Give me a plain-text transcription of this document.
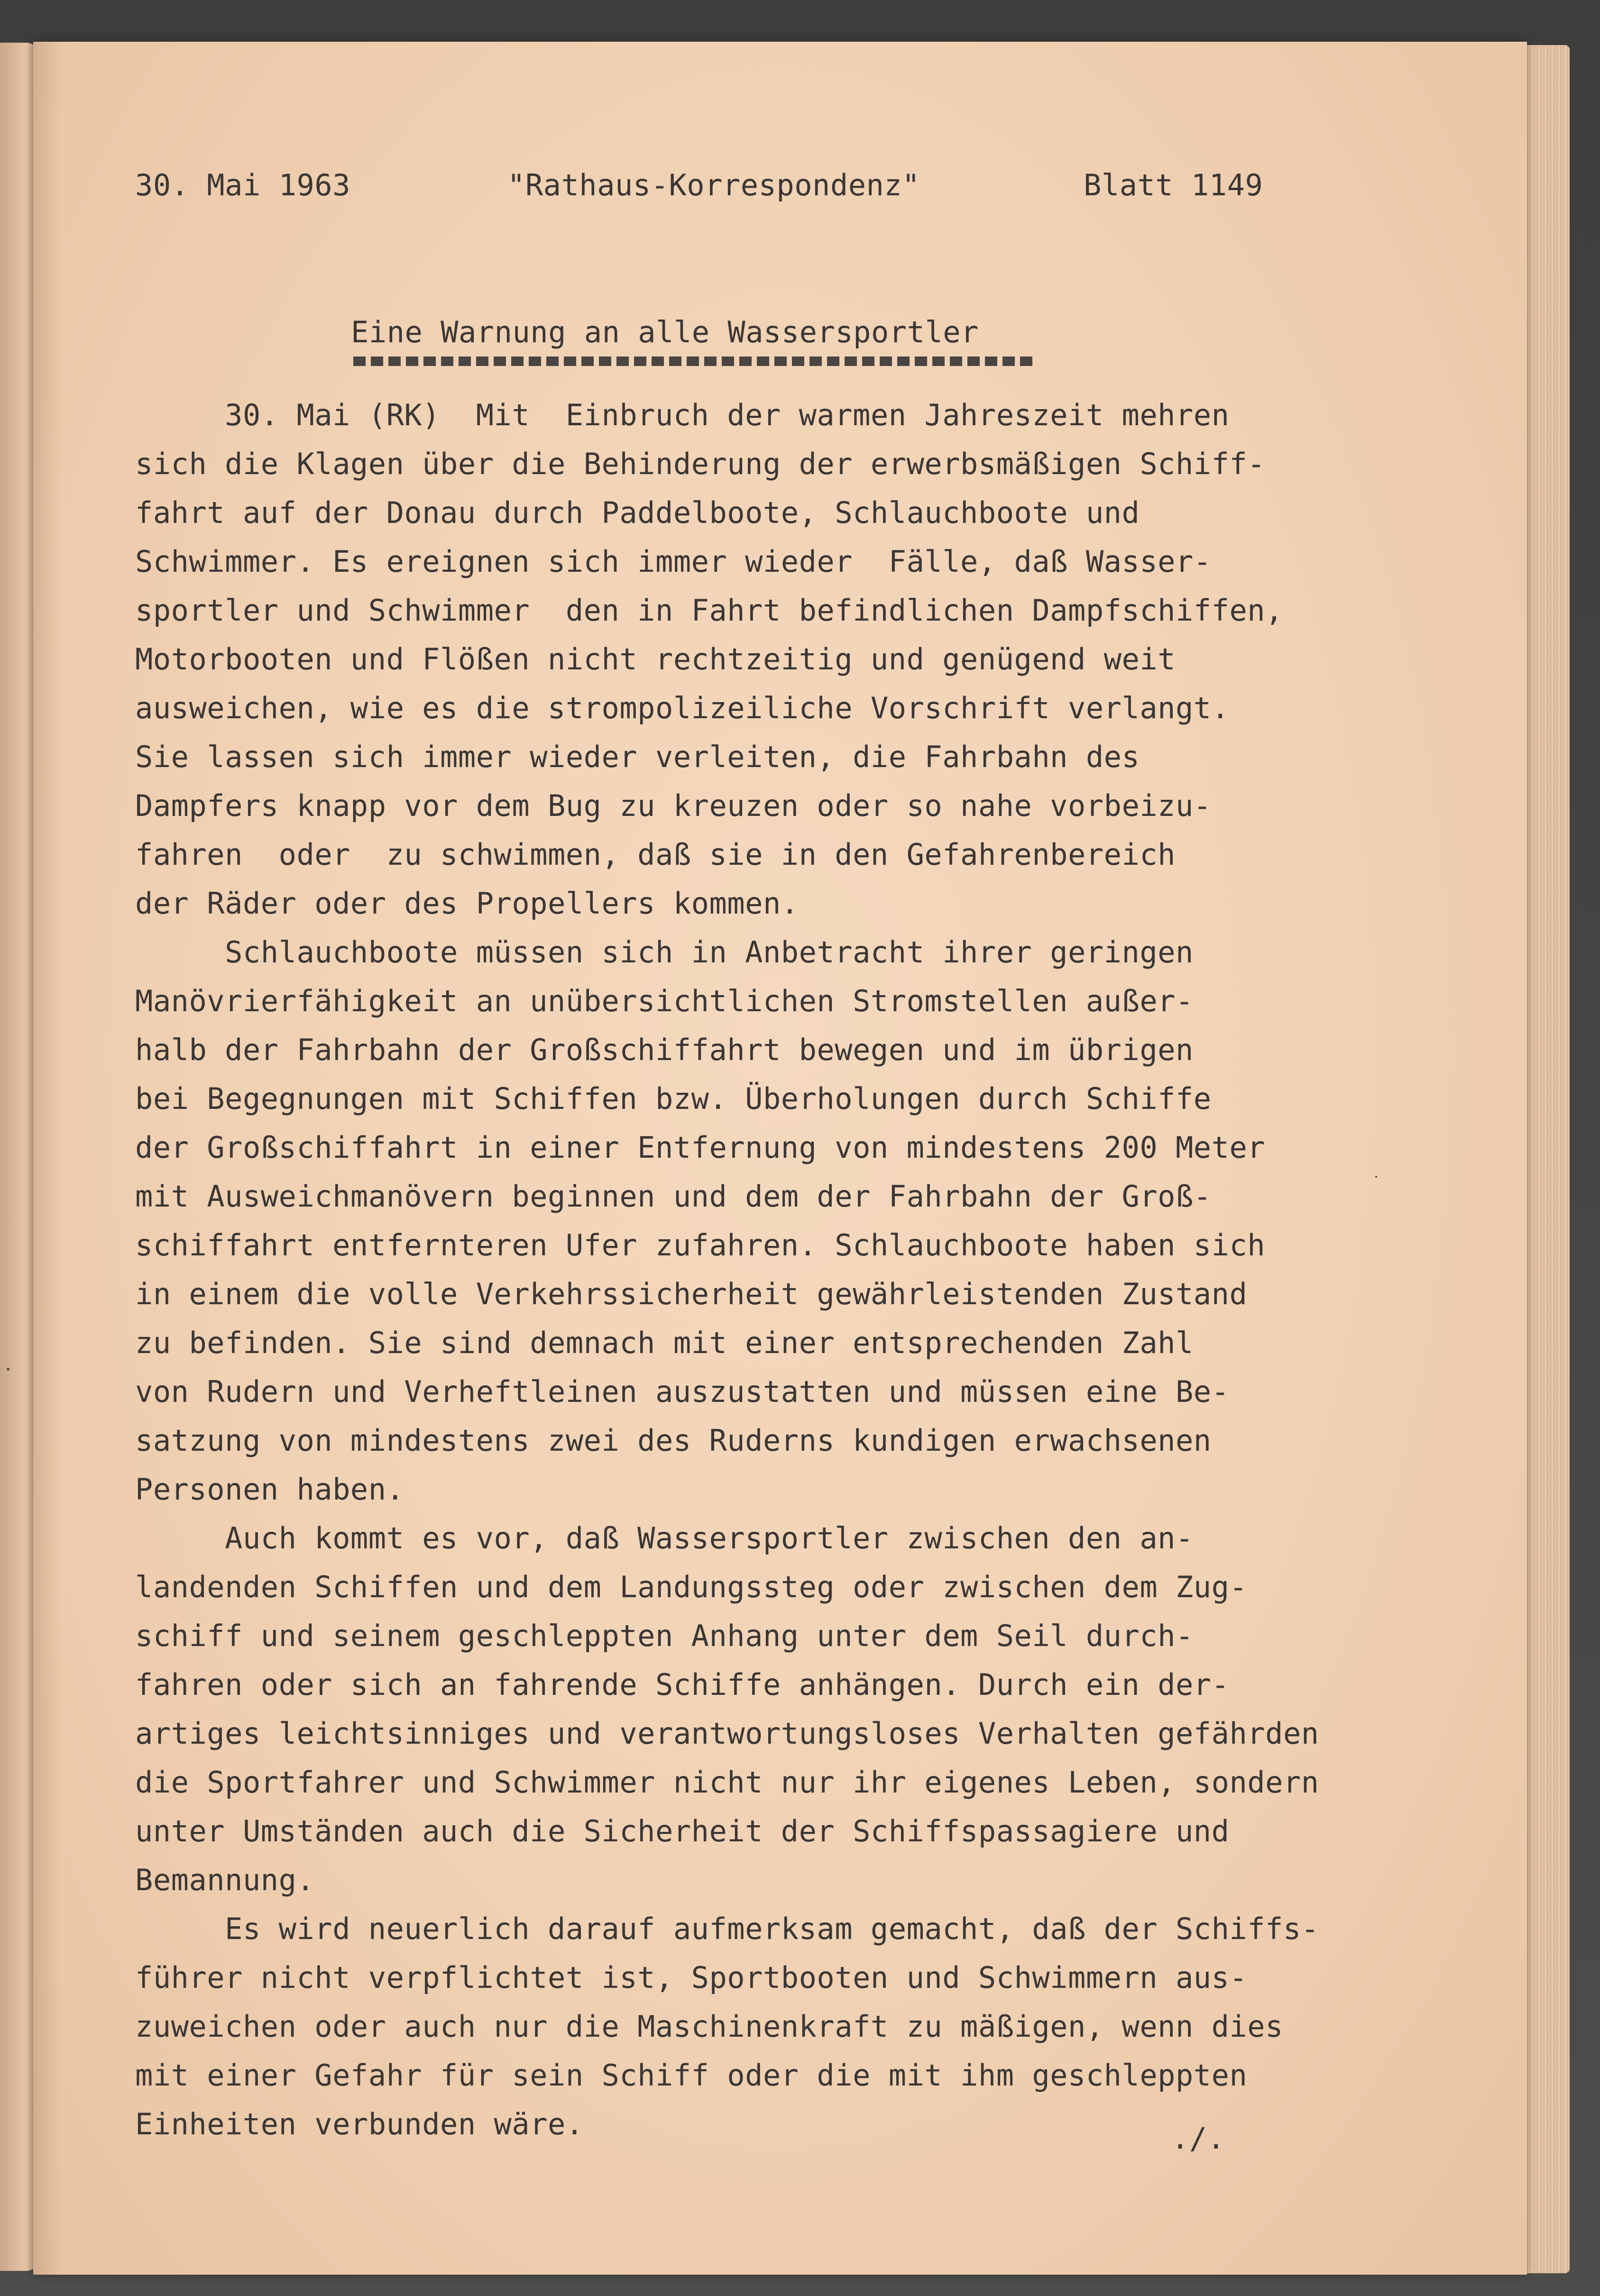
30. Mai 1963	"Rathaus-Korrespondenz"	Blatt 1149
Eine Warnung an alle Wassersportler
30. Mai (RK)  Mit  Einbruch der warmen Jahreszeit mehren
sich die Klagen über die Behinderung der erwerbsmäßigen Schiff-
fahrt auf der Donau durch Paddelboote, Schlauchboote und
Schwimmer. Es ereignen sich immer wieder  Fälle, daß Wasser-
sportler und Schwimmer  den in Fahrt befindlichen Dampfschiffen,
Motorbooten und Flößen nicht rechtzeitig und genügend weit
ausweichen, wie es die strompolizeiliche Vorschrift verlangt.
Sie lassen sich immer wieder verleiten, die Fahrbahn des
Dampfers knapp vor dem Bug zu kreuzen oder so nahe vorbeizu-
fahren  oder  zu schwimmen, daß sie in den Gefahrenbereich
der Räder oder des Propellers kommen.
Schlauchboote müssen sich in Anbetracht ihrer geringen
Manövrierfähigkeit an unübersichtlichen Stromstellen außer-
halb der Fahrbahn der Großschiffahrt bewegen und im übrigen
bei Begegnungen mit Schiffen bzw. Überholungen durch Schiffe
der Großschiffahrt in einer Entfernung von mindestens 200 Meter
mit Ausweichmanövern beginnen und dem der Fahrbahn der Groß-
schiffahrt entfernteren Ufer zufahren. Schlauchboote haben sich
in einem die volle Verkehrssicherheit gewährleistenden Zustand
zu befinden. Sie sind demnach mit einer entsprechenden Zahl
von Rudern und Verheftleinen auszustatten und müssen eine Be-
satzung von mindestens zwei des Ruderns kundigen erwachsenen
Personen haben.
Auch kommt es vor, daß Wassersportler zwischen den an-
landenden Schiffen und dem Landungssteg oder zwischen dem Zug-
schiff und seinem geschleppten Anhang unter dem Seil durch-
fahren oder sich an fahrende Schiffe anhängen. Durch ein der-
artiges leichtsinniges und verantwortungsloses Verhalten gefährden
die Sportfahrer und Schwimmer nicht nur ihr eigenes Leben, sondern
unter Umständen auch die Sicherheit der Schiffspassagiere und
Bemannung.
Es wird neuerlich darauf aufmerksam gemacht, daß der Schiffs-
führer nicht verpflichtet ist, Sportbooten und Schwimmern aus-
zuweichen oder auch nur die Maschinenkraft zu mäßigen, wenn dies
mit einer Gefahr für sein Schiff oder die mit ihm geschleppten
Einheiten verbunden wäre.	./.
